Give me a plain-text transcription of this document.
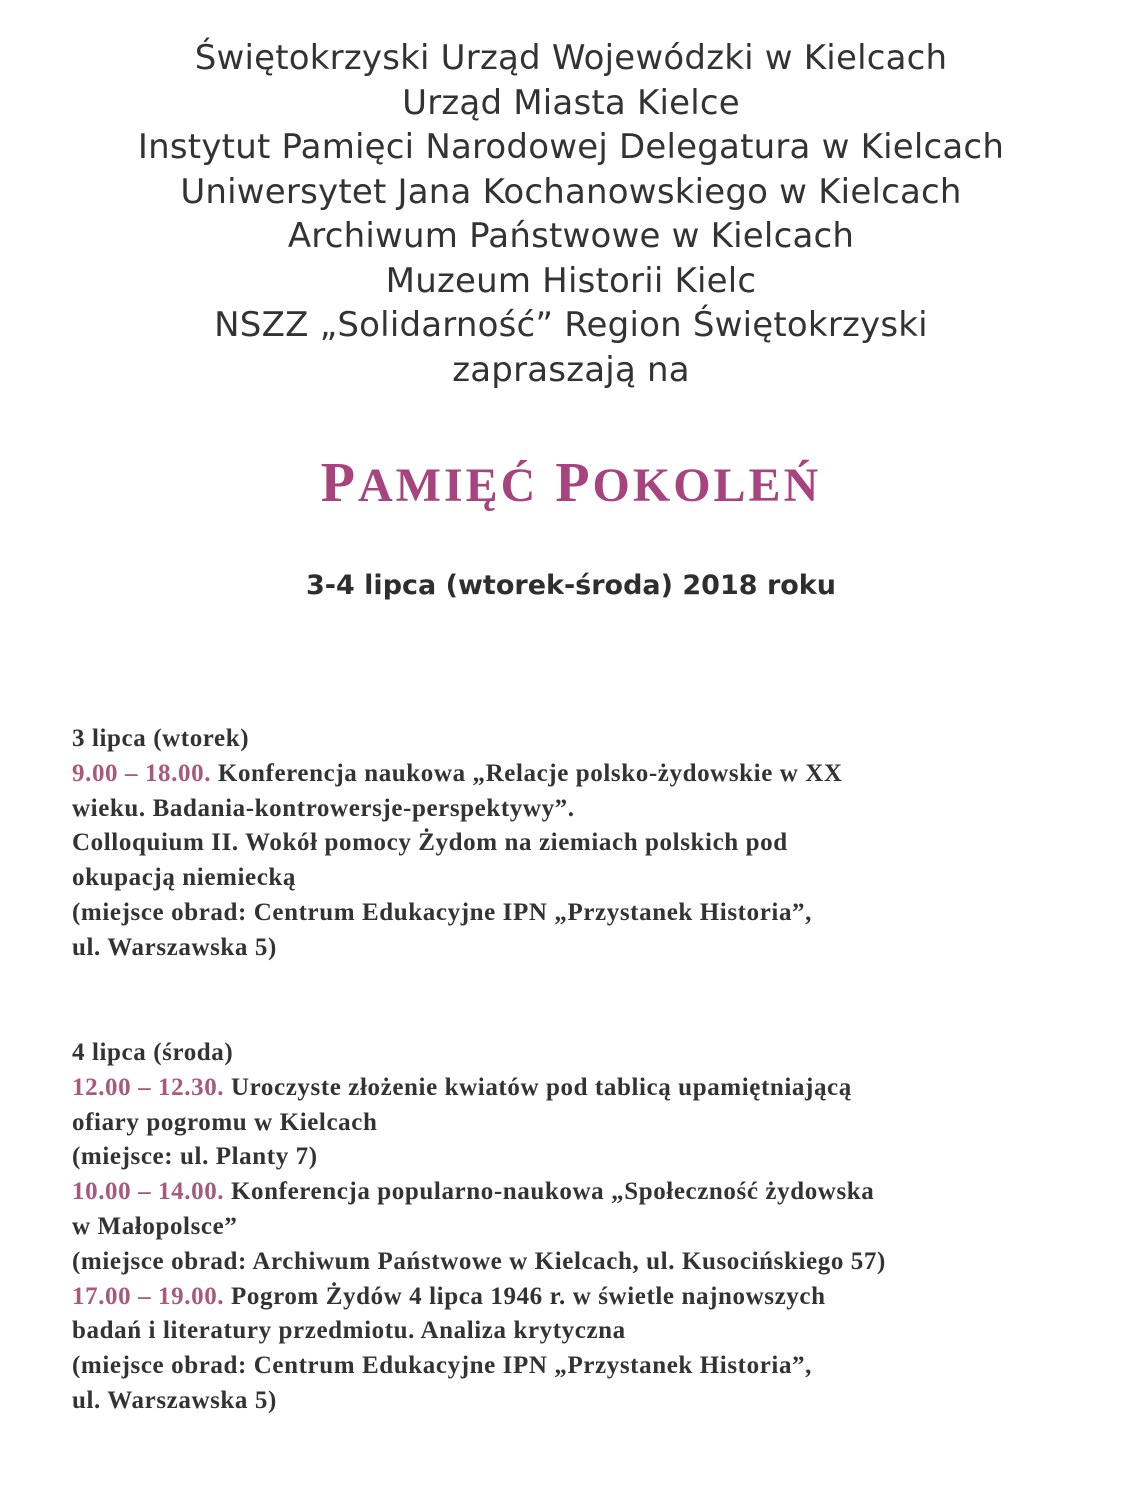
Świętokrzyski Urząd Wojewódzki w Kielcach
Urząd Miasta Kielce
Instytut Pamięci Narodowej Delegatura w Kielcach
Uniwersytet Jana Kochanowskiego w Kielcach
Archiwum Państwowe w Kielcach
Muzeum Historii Kielc
NSZZ „Solidarność” Region Świętokrzyski
zapraszają na
PAMIĘĆ POKOLEŃ
3-4 lipca (wtorek-środa) 2018 roku
3 lipca (wtorek)
9.00 – 18.00. Konferencja naukowa „Relacje polsko-żydowskie w XX
wieku. Badania-kontrowersje-perspektywy”.
Colloquium II. Wokół pomocy Żydom na ziemiach polskich pod
okupacją niemiecką
(miejsce obrad: Centrum Edukacyjne IPN „Przystanek Historia”,
ul. Warszawska 5)
4 lipca (środa)
12.00 – 12.30. Uroczyste złożenie kwiatów pod tablicą upamiętniającą
ofiary pogromu w Kielcach
(miejsce: ul. Planty 7)
10.00 – 14.00. Konferencja popularno-naukowa „Społeczność żydowska
w Małopolsce”
(miejsce obrad: Archiwum Państwowe w Kielcach, ul. Kusocińskiego 57)
17.00 – 19.00. Pogrom Żydów 4 lipca 1946 r. w świetle najnowszych
badań i literatury przedmiotu. Analiza krytyczna
(miejsce obrad: Centrum Edukacyjne IPN „Przystanek Historia”,
ul. Warszawska 5)
